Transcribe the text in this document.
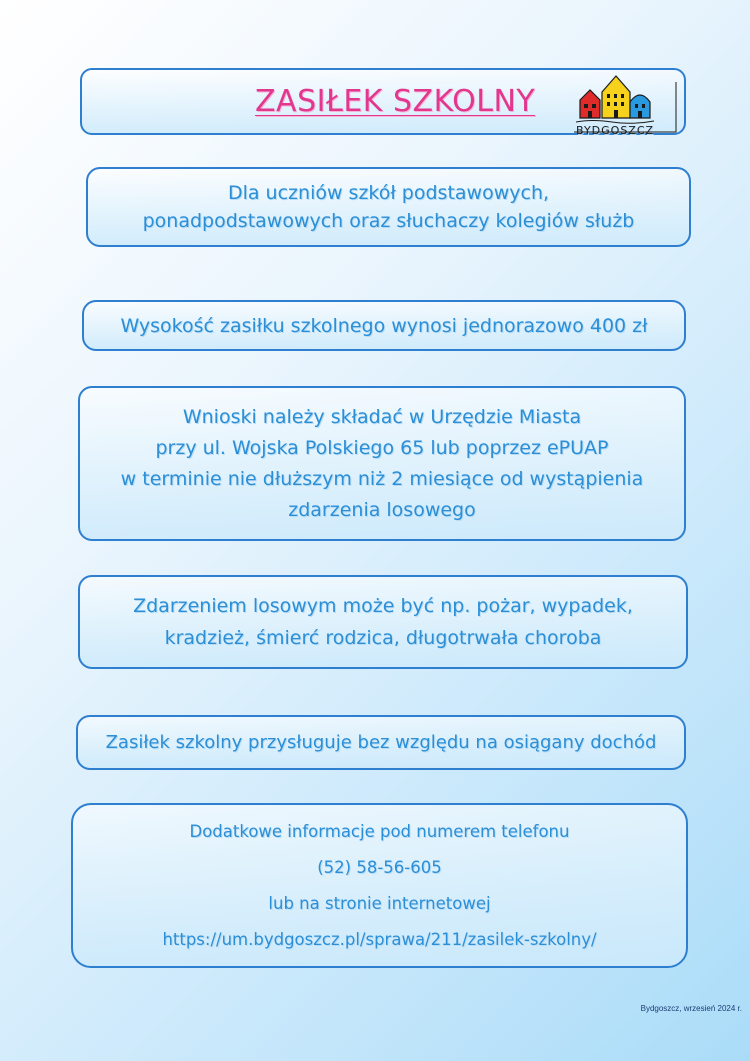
ZASIŁEK SZKOLNY
BYDGOSZCZ
Dla uczniów szkół podstawowych,
ponadpodstawowych oraz słuchaczy kolegiów służb
Wysokość zasiłku szkolnego wynosi jednorazowo 400 zł
Wnioski należy składać w Urzędzie Miasta
przy ul. Wojska Polskiego 65 lub poprzez ePUAP
w terminie nie dłuższym niż 2 miesiące od wystąpienia
zdarzenia losowego
Zdarzeniem losowym może być np. pożar, wypadek,
kradzież, śmierć rodzica, długotrwała choroba
Zasiłek szkolny przysługuje bez względu na osiągany dochód
Dodatkowe informacje pod numerem telefonu
(52) 58-56-605
lub na stronie internetowej
https://um.bydgoszcz.pl/sprawa/211/zasilek-szkolny/
Bydgoszcz, wrzesień 2024 r.
